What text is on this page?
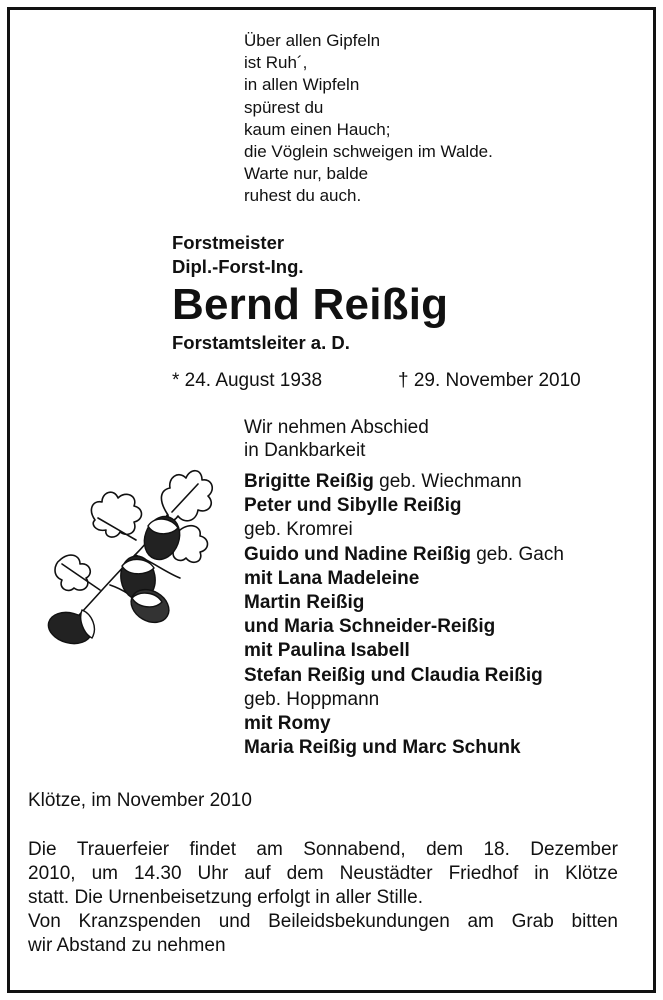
Über allen Gipfeln
ist Ruh´,
in allen Wipfeln
spürest du
kaum einen Hauch;
die Vöglein schweigen im Walde.
Warte nur, balde
ruhest du auch.
Forstmeister
Dipl.-Forst-Ing.
Bernd Reißig
Forstamtsleiter a. D.
* 24. August 1938	† 29. November 2010
Wir nehmen Abschied
in Dankbarkeit
Brigitte Reißig geb. Wiechmann
Peter und Sibylle Reißig
geb. Kromrei
Guido und Nadine Reißig geb. Gach
mit Lana Madeleine
Martin Reißig
und Maria Schneider-Reißig
mit Paulina Isabell
Stefan Reißig und Claudia Reißig
geb. Hoppmann
mit Romy
Maria Reißig und Marc Schunk
Klötze, im November 2010
Die Trauerfeier findet am Sonnabend, dem 18. Dezember
2010, um 14.30 Uhr auf dem Neustädter Friedhof in Klötze
statt. Die Urnenbeisetzung erfolgt in aller Stille.
Von Kranzspenden und Beileidsbekundungen am Grab bitten
wir Abstand zu nehmen
